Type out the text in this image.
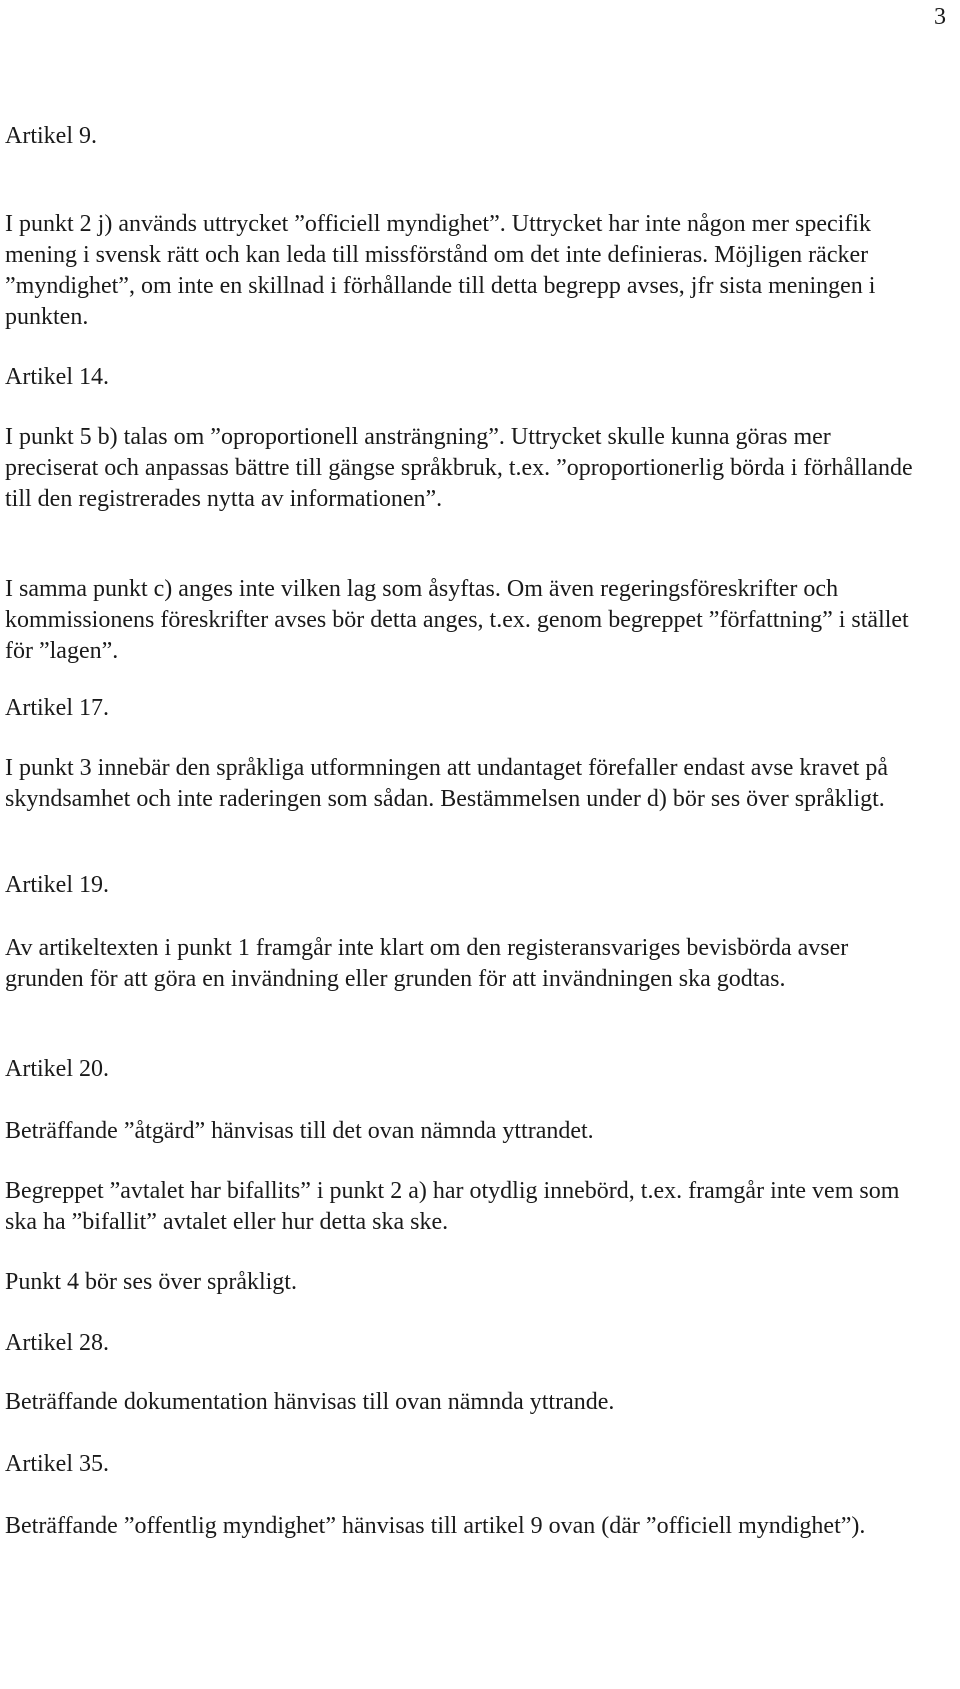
3
Artikel 9.

I punkt 2 j) används uttrycket ”officiell myndighet”. Uttrycket har inte någon mer specifik mening i svensk rätt och kan leda till missförstånd om det inte definieras. Möjligen räcker ”myndighet”, om inte en skillnad i förhållande till detta begrepp avses, jfr sista meningen i punkten.

Artikel 14.

I punkt 5 b) talas om ”oproportionell ansträngning”. Uttrycket skulle kunna göras mer preciserat och anpassas bättre till gängse språkbruk, t.ex. ”oproportionerlig börda i förhållande till den registrerades nytta av informationen”.

I samma punkt c) anges inte vilken lag som åsyftas. Om även regeringsföreskrifter och kommissionens föreskrifter avses bör detta anges, t.ex. genom begreppet ”författning” i stället för ”lagen”.

Artikel 17.

I punkt 3 innebär den språkliga utformningen att undantaget förefaller endast avse kravet på skyndsamhet och inte raderingen som sådan. Bestämmelsen under d) bör ses över språkligt.

Artikel 19.

Av artikeltexten i punkt 1 framgår inte klart om den registeransvariges bevisbörda avser grunden för att göra en invändning eller grunden för att invändningen ska godtas.

Artikel 20.

Beträffande ”åtgärd” hänvisas till det ovan nämnda yttrandet.

Begreppet ”avtalet har bifallits” i punkt 2 a) har otydlig innebörd, t.ex. framgår inte vem som ska ha ”bifallit” avtalet eller hur detta ska ske.

Punkt 4 bör ses över språkligt.

Artikel 28.

Beträffande dokumentation hänvisas till ovan nämnda yttrande.

Artikel 35.

Beträffande ”offentlig myndighet” hänvisas till artikel 9 ovan (där ”officiell myndighet”).
